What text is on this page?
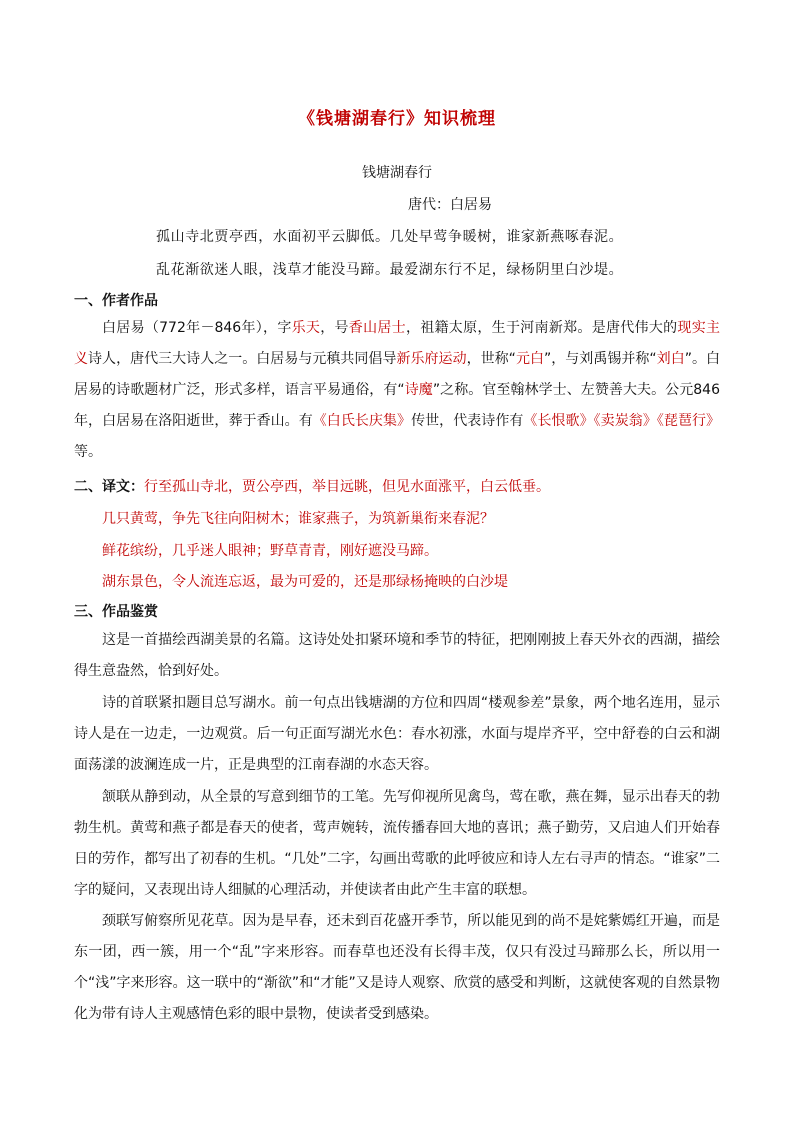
《钱塘湖春行》知识梳理
钱塘湖春行
唐代：白居易
孤山寺北贾亭西，水面初平云脚低。几处早莺争暖树，谁家新燕啄春泥。
乱花渐欲迷人眼，浅草才能没马蹄。最爱湖东行不足，绿杨阴里白沙堤。
一、作者作品
白居易（772年－846年），字乐天，号香山居士，祖籍太原，生于河南新郑。是唐代伟大的现实主义诗人，唐代三大诗人之一。白居易与元稹共同倡导新乐府运动，世称“元白”，与刘禹锡并称“刘白”。白居易的诗歌题材广泛，形式多样，语言平易通俗，有“诗魔”之称。官至翰林学士、左赞善大夫。公元846年，白居易在洛阳逝世，葬于香山。有《白氏长庆集》传世，代表诗作有《长恨歌》《卖炭翁》《琵琶行》等。
二、译文：行至孤山寺北，贾公亭西，举目远眺，但见水面涨平，白云低垂。
几只黄莺，争先飞往向阳树木；谁家燕子，为筑新巢衔来春泥？
鲜花缤纷，几乎迷人眼神；野草青青，刚好遮没马蹄。
湖东景色，令人流连忘返，最为可爱的，还是那绿杨掩映的白沙堤
三、作品鉴赏
这是一首描绘西湖美景的名篇。这诗处处扣紧环境和季节的特征，把刚刚披上春天外衣的西湖，描绘得生意盎然，恰到好处。
诗的首联紧扣题目总写湖水。前一句点出钱塘湖的方位和四周“楼观参差”景象，两个地名连用，显示诗人是在一边走，一边观赏。后一句正面写湖光水色：春水初涨，水面与堤岸齐平，空中舒卷的白云和湖面荡漾的波澜连成一片，正是典型的江南春湖的水态天容。
颔联从静到动，从全景的写意到细节的工笔。先写仰视所见禽鸟，莺在歌，燕在舞，显示出春天的勃勃生机。黄莺和燕子都是春天的使者，莺声婉转，流传播春回大地的喜讯；燕子勤劳，又启迪人们开始春日的劳作，都写出了初春的生机。“几处”二字，勾画出莺歌的此呼彼应和诗人左右寻声的情态。“谁家”二字的疑问，又表现出诗人细腻的心理活动，并使读者由此产生丰富的联想。
颈联写俯察所见花草。因为是早春，还未到百花盛开季节，所以能见到的尚不是姹紫嫣红开遍，而是东一团，西一簇，用一个“乱”字来形容。而春草也还没有长得丰茂，仅只有没过马蹄那么长，所以用一个“浅”字来形容。这一联中的“渐欲”和“才能”又是诗人观察、欣赏的感受和判断，这就使客观的自然景物化为带有诗人主观感情色彩的眼中景物，使读者受到感染。
